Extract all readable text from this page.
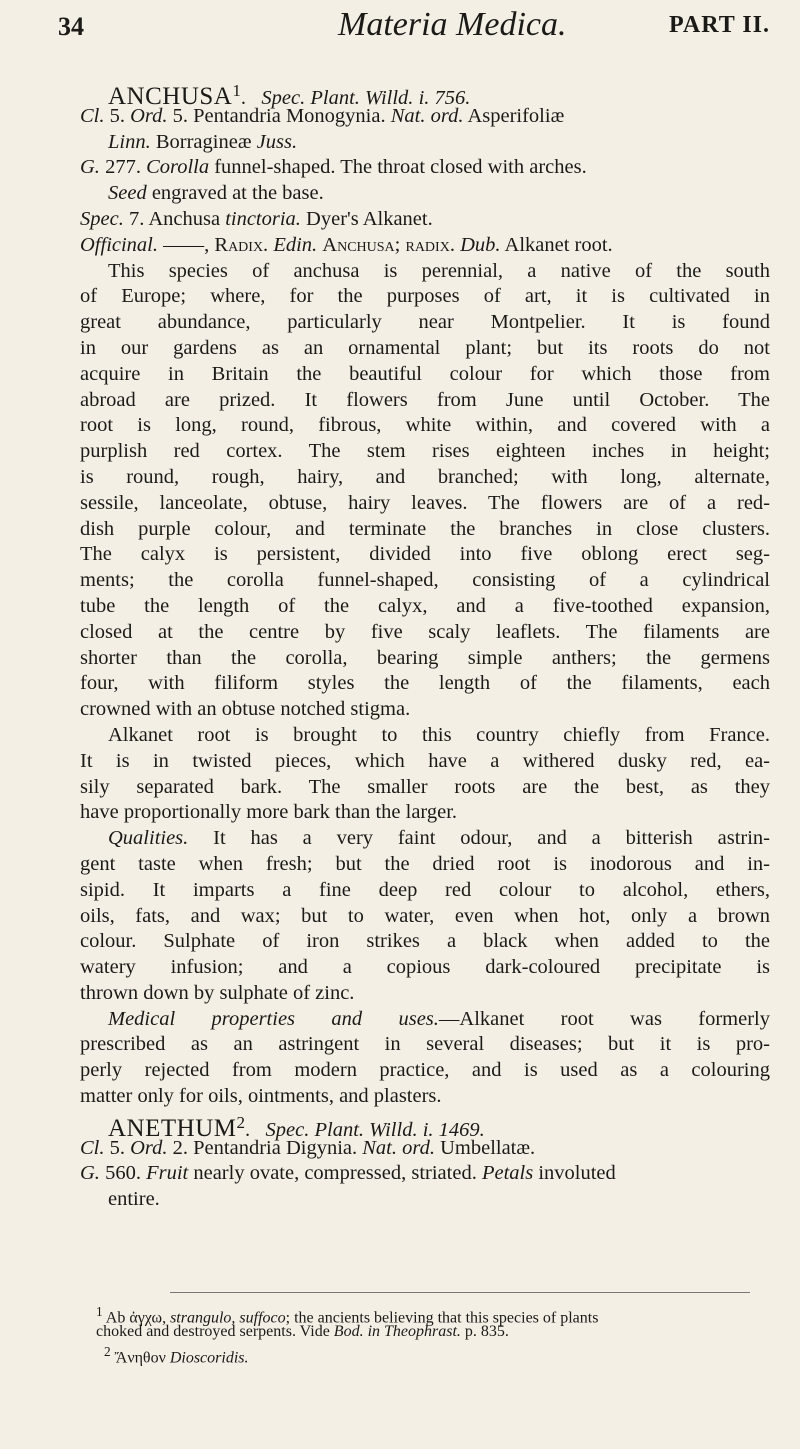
34	Materia Medica.	PART II.
ANCHUSA$^1$. Spec. Plant. Willd. i. 756.
Cl. 5. Ord. 5. Pentandria Monogynia. Nat. ord. Asperifoliæ
Linn. Borragineæ Juss.
G. 277. Corolla funnel-shaped. The throat closed with arches.
Seed engraved at the base.
Spec. 7. Anchusa tinctoria. Dyer's Alkanet.
Officinal. ——, Radix. Edin. Anchusa; radix. Dub. Alkanet root.
This species of anchusa is perennial, a native of the south
of Europe; where, for the purposes of art, it is cultivated in
great abundance, particularly near Montpelier. It is found
in our gardens as an ornamental plant; but its roots do not
acquire in Britain the beautiful colour for which those from
abroad are prized. It flowers from June until October. The
root is long, round, fibrous, white within, and covered with a
purplish red cortex. The stem rises eighteen inches in height;
is round, rough, hairy, and branched; with long, alternate,
sessile, lanceolate, obtuse, hairy leaves. The flowers are of a red-
dish purple colour, and terminate the branches in close clusters.
The calyx is persistent, divided into five oblong erect seg-
ments; the corolla funnel-shaped, consisting of a cylindrical
tube the length of the calyx, and a five-toothed expansion,
closed at the centre by five scaly leaflets. The filaments are
shorter than the corolla, bearing simple anthers; the germens
four, with filiform styles the length of the filaments, each
crowned with an obtuse notched stigma.
Alkanet root is brought to this country chiefly from France.
It is in twisted pieces, which have a withered dusky red, ea-
sily separated bark. The smaller roots are the best, as they
have proportionally more bark than the larger.
Qualities. It has a very faint odour, and a bitterish astrin-
gent taste when fresh; but the dried root is inodorous and in-
sipid. It imparts a fine deep red colour to alcohol, ethers,
oils, fats, and wax; but to water, even when hot, only a brown
colour. Sulphate of iron strikes a black when added to the
watery infusion; and a copious dark-coloured precipitate is
thrown down by sulphate of zinc.
Medical properties and uses.—Alkanet root was formerly
prescribed as an astringent in several diseases; but it is pro-
perly rejected from modern practice, and is used as a colouring
matter only for oils, ointments, and plasters.
ANETHUM$^2$. Spec. Plant. Willd. i. 1469.
Cl. 5. Ord. 2. Pentandria Digynia. Nat. ord. Umbellatæ.
G. 560. Fruit nearly ovate, compressed, striated. Petals involuted
entire.
$^1$ Ab ἀγχω, strangulo, suffoco; the ancients believing that this species of plants
choked and destroyed serpents. Vide Bod. in Theophrast. p. 835.
$^2$ Ἄνηθον Dioscoridis.
